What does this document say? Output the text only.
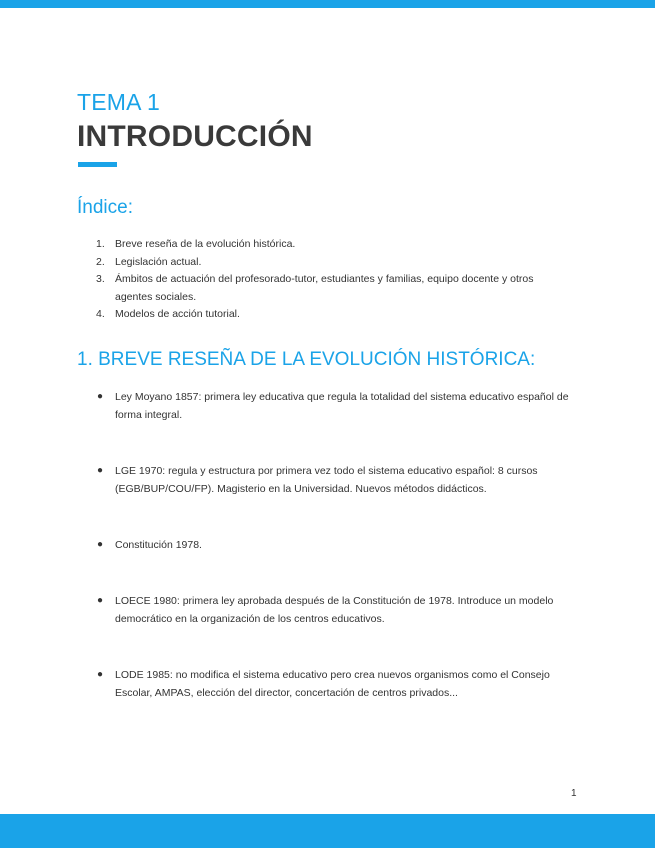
TEMA 1
INTRODUCCIÓN
Índice:
1. Breve reseña de la evolución histórica.
2. Legislación actual.
3. Ámbitos de actuación del profesorado-tutor, estudiantes y familias, equipo docente y otros agentes sociales.
4. Modelos de acción tutorial.
1. BREVE RESEÑA DE LA EVOLUCIÓN HISTÓRICA:
●	Ley Moyano 1857: primera ley educativa que regula la totalidad del sistema educativo español de forma integral.
●	LGE 1970: regula y estructura por primera vez todo el sistema educativo español: 8 cursos (EGB/BUP/COU/FP). Magisterio en la Universidad. Nuevos métodos didácticos.
●	Constitución 1978.
●	LOECE 1980: primera ley aprobada después de la Constitución de 1978. Introduce un modelo democrático en la organización de los centros educativos.
●	LODE 1985: no modifica el sistema educativo pero crea nuevos organismos como el Consejo Escolar, AMPAS, elección del director, concertación de centros privados...
1
